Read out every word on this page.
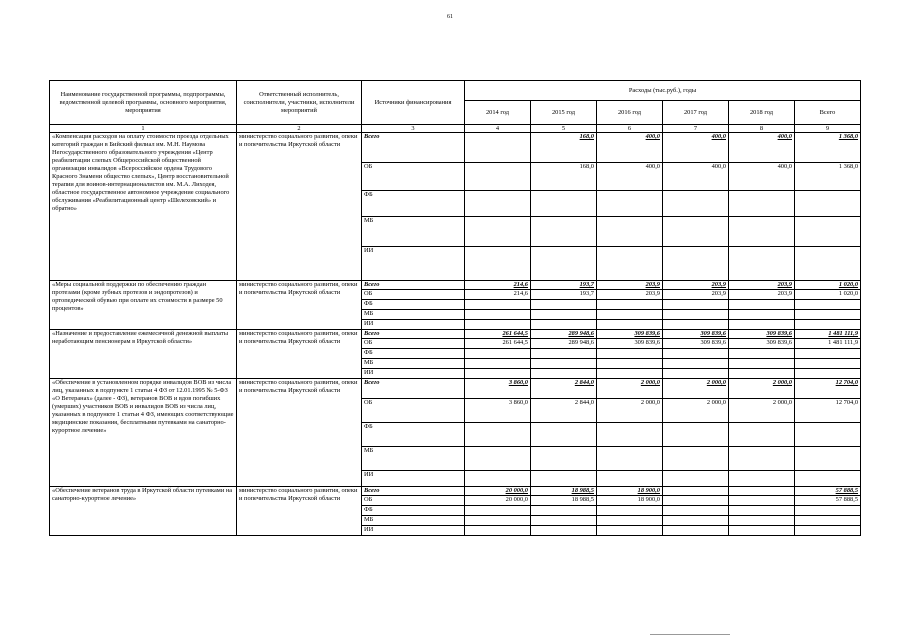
61
Наименование государственной программы, подпрограммы, ведомственной целевой программы, основного мероприятия, мероприятия	Ответственный исполнитель, соисполнители, участники, исполнители мероприятий	Источники финансирования	Расходы (тыс.руб.), годы					
			2014 год	2015 год	2016 год	2017 год	2018 год	Всего
1	2	3	4	5	6	7	8	9
«Компенсация расходов на оплату стоимости проезда отдельных категорий граждан в Бийский филиал им. М.Н. Наумова Негосударственного образовательного учреждения «Центр реабилитации слепых Общероссийской общественной организации инвалидов «Всероссийское ордена Трудового Красного Знамени общество слепых», Центр восстановительной терапии для воинов-интернационалистов им. М.А. Лиходея, областное государственное автономное учреждение социального обслуживания «Реабилитационный центр «Шелеховский» и обратно»	министерство социального развития, опеки и попечительства Иркутской области	Всего		168,0	400,0	400,0	400,0	1 368,0
		ОБ		168,0	400,0	400,0	400,0	1 368,0
		ФБ						
		МБ						
		ИИ						
«Меры социальной поддержки по обеспечению граждан протезами (кроме зубных протезов и эндопротезов) и ортопедической обувью при оплате их стоимости в размере 50 процентов»	министерство социального развития, опеки и попечительства Иркутской области	Всего	214,6	193,7	203,9	203,9	203,9	1 020,0
		ОБ	214,6	193,7	203,9	203,9	203,9	1 020,0
		ФБ						
		МБ						
		ИИ						
«Назначение и предоставление ежемесячной денежной выплаты неработающим пенсионерам в Иркутской области»	министерство социального развития, опеки и попечительства Иркутской области	Всего	261 644,5	289 948,6	309 839,6	309 839,6	309 839,6	1 481 111,9
		ОБ	261 644,5	289 948,6	309 839,6	309 839,6	309 839,6	1 481 111,9
		ФБ						
		МБ						
		ИИ						
«Обеспечение в установленном порядке инвалидов ВОВ из числа лиц, указанных в подпункте 1 статьи 4 ФЗ от 12.01.1995 № 5-ФЗ «О Ветеранах» (далее - ФЗ), ветеранов ВОВ и вдов погибших (умерших) участников ВОВ и инвалидов ВОВ из числа лиц, указанных в подпункте 1 статьи 4 ФЗ, имеющих соответствующие медицинские показания, бесплатными путевками на санаторно-курортное лечение»	министерство социального развития, опеки и попечительства Иркутской области	Всего	3 860,0	2 844,0	2 000,0	2 000,0	2 000,0	12 704,0
		ОБ	3 860,0	2 844,0	2 000,0	2 000,0	2 000,0	12 704,0
		ФБ						
		МБ						
		ИИ						
«Обеспечение ветеранов труда в Иркутской области путевками на санаторно-курортное лечение»	министерство социального развития, опеки и попечительства Иркутской области	Всего	20 000,0	18 988,5	18 900,0			57 888,5
		ОБ	20 000,0	18 988,5	18 900,0			57 888,5
		ФБ						
		МБ						
		ИИ						
